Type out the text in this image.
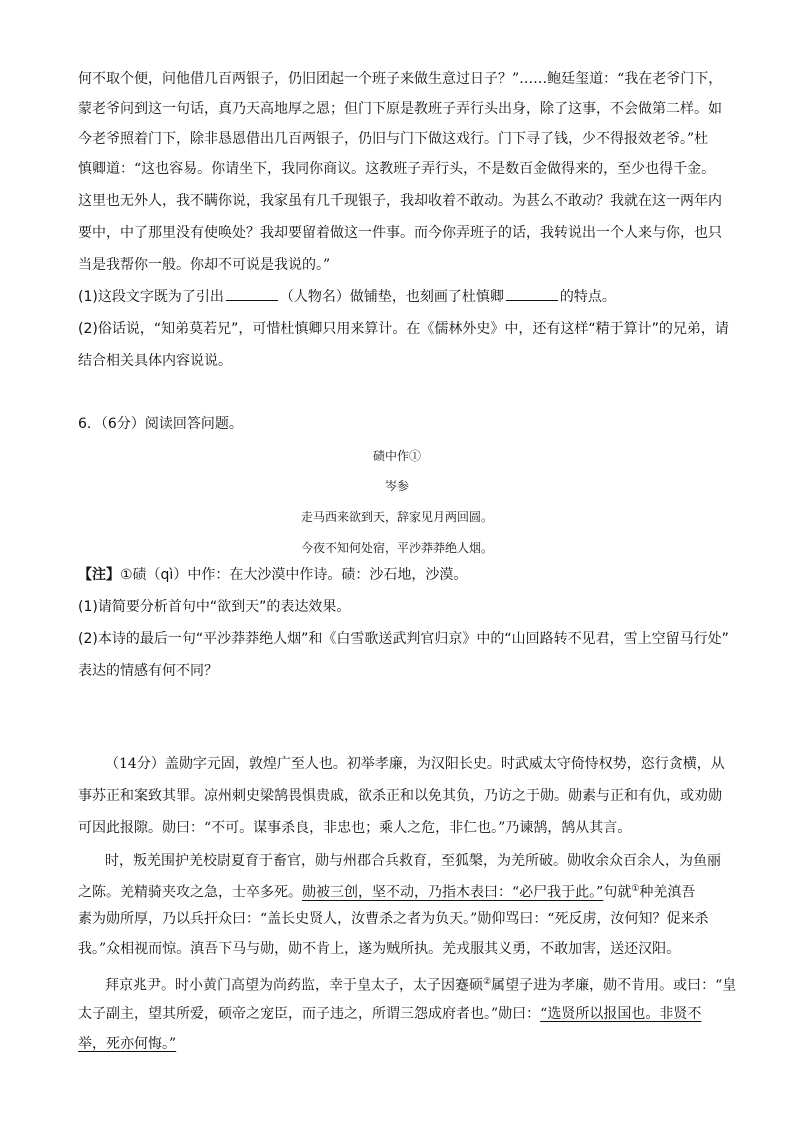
何不取个便，问他借几百两银子，仍旧团起一个班子来做生意过日子？”……鲍廷玺道：“我在老爷门下，
蒙老爷问到这一句话，真乃天高地厚之恩；但门下原是教班子弄行头出身，除了这事，不会做第二样。如
今老爷照着门下，除非恳恩借出几百两银子，仍旧与门下做这戏行。门下寻了钱，少不得报效老爷。”杜
慎卿道：“这也容易。你请坐下，我同你商议。这教班子弄行头，不是数百金做得来的，至少也得千金。
这里也无外人，我不瞒你说，我家虽有几千现银子，我却收着不敢动。为甚么不敢动？我就在这一两年内
要中，中了那里没有使唤处？我却要留着做这一件事。而今你弄班子的话，我转说出一个人来与你，也只
当是我帮你一般。你却不可说是我说的。”
(1)这段文字既为了引出	（人物名）做铺垫，也刻画了杜慎卿	的特点。
(2)俗话说，“知弟莫若兄”，可惜杜慎卿只用来算计。在《儒林外史》中，还有这样“精于算计”的兄弟，请
结合相关具体内容说说。
6．（6分）阅读回答问题。
碛中作①
岑参
走马西来欲到天，辞家见月两回圆。
今夜不知何处宿，平沙莽莽绝人烟。
【注】①碛（qì）中作：在大沙漠中作诗。碛：沙石地，沙漠。
(1)请简要分析首句中“欲到天”的表达效果。
(2)本诗的最后一句“平沙莽莽绝人烟”和《白雪歌送武判官归京》中的“山回路转不见君，雪上空留马行处”
表达的情感有何不同？
（14分）盖勋字元固，敦煌广至人也。初举孝廉，为汉阳长史。时武威太守倚恃权势，恣行贪横，从
事苏正和案致其罪。凉州刺史梁鹄畏惧贵戚，欲杀正和以免其负，乃访之于勋。勋素与正和有仇，或劝勋
可因此报隙。勋曰：“不可。谋事杀良，非忠也；乘人之危，非仁也。”乃谏鹄，鹄从其言。
时，叛羌围护羌校尉夏育于畜官，勋与州郡合兵救育，至狐槃，为羌所破。勋收余众百余人，为鱼丽
之陈。羌精骑夹攻之急，士卒多死。勋被三创，坚不动，乃指木表曰：“必尸我于此。”句就①种羌滇吾
素为勋所厚，乃以兵扞众曰：“盖长史贤人，汝曹杀之者为负天。”勋仰骂曰：“死反虏，汝何知？促来杀
我。”众相视而惊。滇吾下马与勋，勋不肯上，遂为贼所执。羌戎服其义勇，不敢加害，送还汉阳。
拜京兆尹。时小黄门高望为尚药监，幸于皇太子，太子因蹇硕②属望子进为孝廉，勋不肯用。或曰：“皇
太子副主，望其所爱，硕帝之宠臣，而子违之，所谓三怨成府者也。”勋曰：“选贤所以报国也。非贤不
举，死亦何悔。”
